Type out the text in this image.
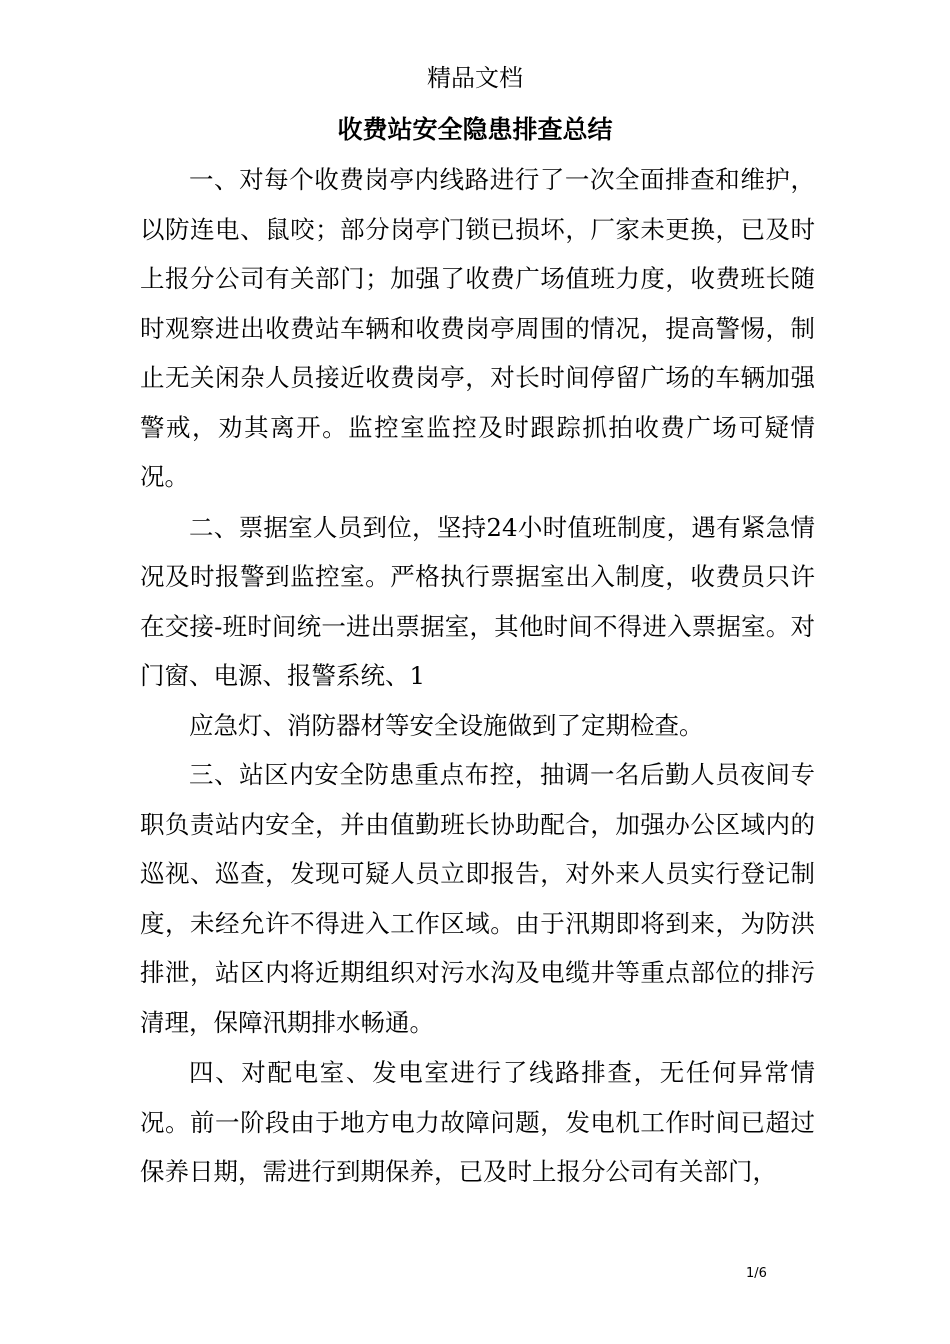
精品文档
收费站安全隐患排查总结

一、对每个收费岗亭内线路进行了一次全面排查和维护，以防连电、鼠咬；部分岗亭门锁已损坏，厂家未更换，已及时上报分公司有关部门；加强了收费广场值班力度，收费班长随时观察进出收费站车辆和收费岗亭周围的情况，提高警惕，制止无关闲杂人员接近收费岗亭，对长时间停留广场的车辆加强警戒，劝其离开。监控室监控及时跟踪抓拍收费广场可疑情况。

二、票据室人员到位，坚持24小时值班制度，遇有紧急情况及时报警到监控室。严格执行票据室出入制度，收费员只许在交接-班时间统一进出票据室，其他时间不得进入票据室。对门窗、电源、报警系统、1

应急灯、消防器材等安全设施做到了定期检查。

三、站区内安全防患重点布控，抽调一名后勤人员夜间专职负责站内安全，并由值勤班长协助配合，加强办公区域内的巡视、巡查，发现可疑人员立即报告，对外来人员实行登记制度，未经允许不得进入工作区域。由于汛期即将到来，为防洪排泄，站区内将近期组织对污水沟及电缆井等重点部位的排污清理，保障汛期排水畅通。

四、对配电室、发电室进行了线路排查，无任何异常情况。前一阶段由于地方电力故障问题，发电机工作时间已超过保养日期，需进行到期保养，已及时上报分公司有关部门，

1/6
